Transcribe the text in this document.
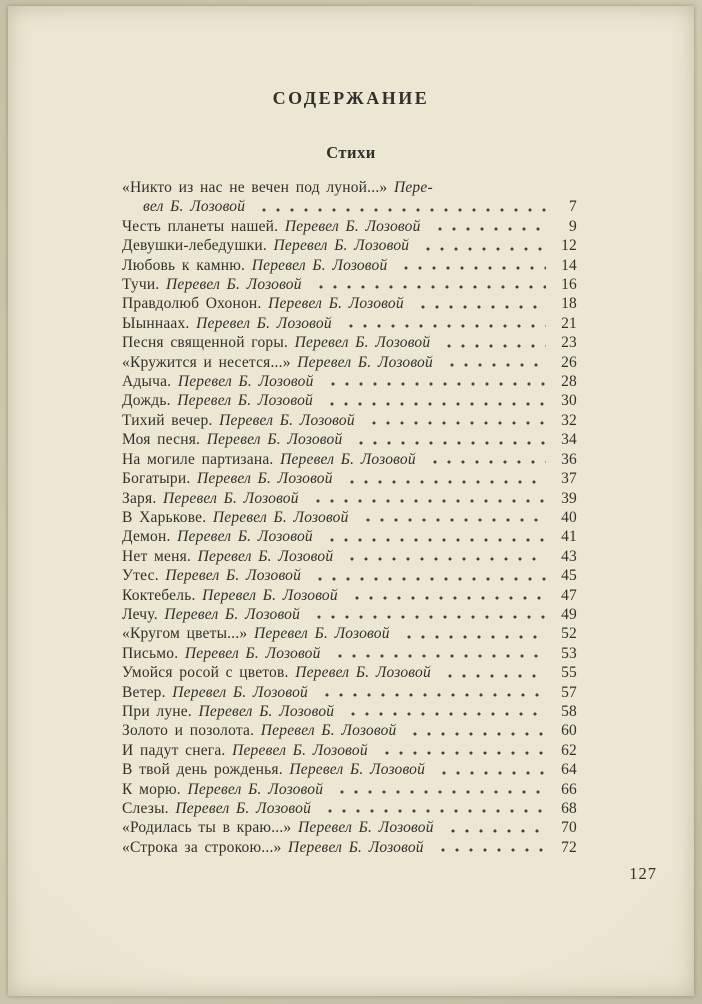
СОДЕРЖАНИЕ
Стихи
«Никто из нас не вечен под луной...» Пере-
вел Б. Лозовой	7
Честь планеты нашей. Перевел Б. Лозовой	9
Девушки-лебедушки. Перевел Б. Лозовой	12
Любовь к камню. Перевел Б. Лозовой	14
Тучи. Перевел Б. Лозовой	16
Правдолюб Охонон. Перевел Б. Лозовой	18
Ыыннаах. Перевел Б. Лозовой	21
Песня священной горы. Перевел Б. Лозовой	23
«Кружится и несется...» Перевел Б. Лозовой	26
Адыча. Перевел Б. Лозовой	28
Дождь. Перевел Б. Лозовой	30
Тихий вечер. Перевел Б. Лозовой	32
Моя песня. Перевел Б. Лозовой	34
На могиле партизана. Перевел Б. Лозовой	36
Богатыри. Перевел Б. Лозовой	37
Заря. Перевел Б. Лозовой	39
В Харькове. Перевел Б. Лозовой	40
Демон. Перевел Б. Лозовой	41
Нет меня. Перевел Б. Лозовой	43
Утес. Перевел Б. Лозовой	45
Коктебель. Перевел Б. Лозовой	47
Лечу. Перевел Б. Лозовой	49
«Кругом цветы...» Перевел Б. Лозовой	52
Письмо. Перевел Б. Лозовой	53
Умойся росой с цветов. Перевел Б. Лозовой	55
Ветер. Перевел Б. Лозовой	57
При луне. Перевел Б. Лозовой	58
Золото и позолота. Перевел Б. Лозовой	60
И падут снега. Перевел Б. Лозовой	62
В твой день рожденья. Перевел Б. Лозовой	64
К морю. Перевел Б. Лозовой	66
Слезы. Перевел Б. Лозовой	68
«Родилась ты в краю...» Перевел Б. Лозовой	70
«Строка за строкою...» Перевел Б. Лозовой	72
127
